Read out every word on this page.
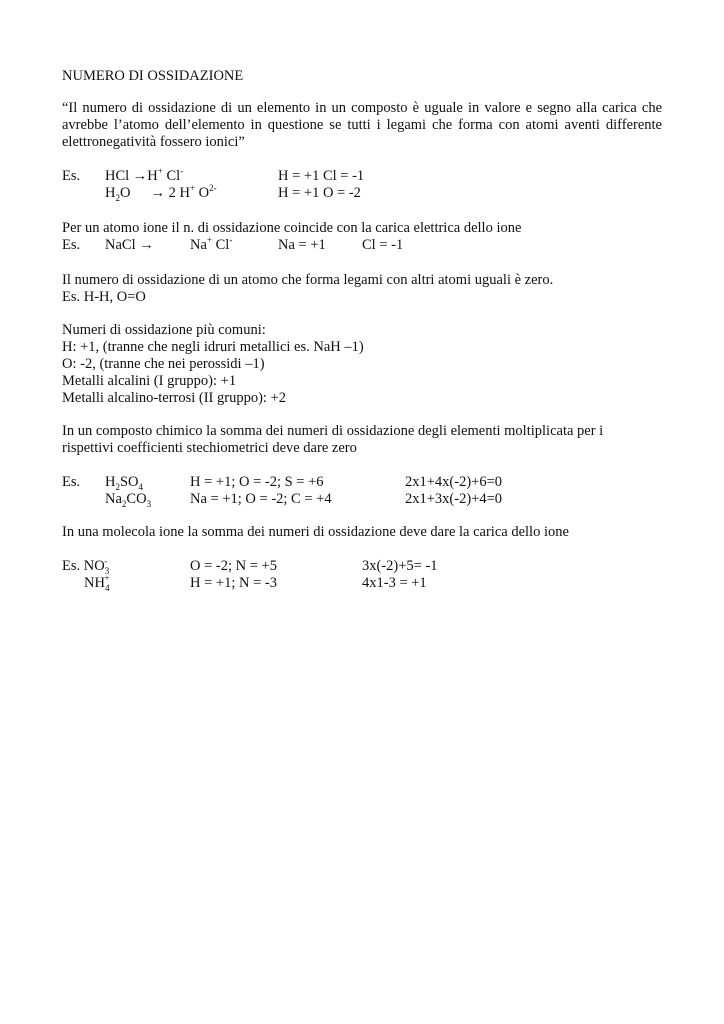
NUMERO DI OSSIDAZIONE
“Il numero di ossidazione di un elemento in un composto è uguale in valore e segno alla carica che avrebbe l’atomo dell’elemento in questione se tutti i legami che forma con atomi aventi differente elettronegatività fossero ionici”
Es. HCl →H+ Cl-	H = +1 Cl = -1
$H_2O \to 2$ H+ $O^{2-}$	H = +1 O = -2
Per un atomo ione il n. di ossidazione coincide con la carica elettrica dello ione
Es. NaCl →	Na+ Cl-	Na = +1 Cl = -1
Il numero di ossidazione di un atomo che forma legami con altri atomi uguali è zero.
Es. H-H, O=O
Numeri di ossidazione più comuni:
H: +1, (tranne che negli idruri metallici es. NaH –1)
O: -2, (tranne che nei perossidi –1)
Metalli alcalini (I gruppo): +1
Metalli alcalino-terrosi (II gruppo): +2
In un composto chimico la somma dei numeri di ossidazione degli elementi moltiplicata per i rispettivi coefficienti stechiometrici deve dare zero
Es. $H_2SO_4$	H = +1; O = -2; S = +6	2x1+4x(-2)+6=0
$Na_2CO_3$	Na = +1; O = -2; C = +4	2x1+3x(-2)+4=0
In una molecola ione la somma dei numeri di ossidazione deve dare la carica dello ione
Es. $NO_3^-$	O = -2; N = +5	3x(-2)+5= -1
$NH_4^+$	H = +1; N = -3	4x1-3 = +1
